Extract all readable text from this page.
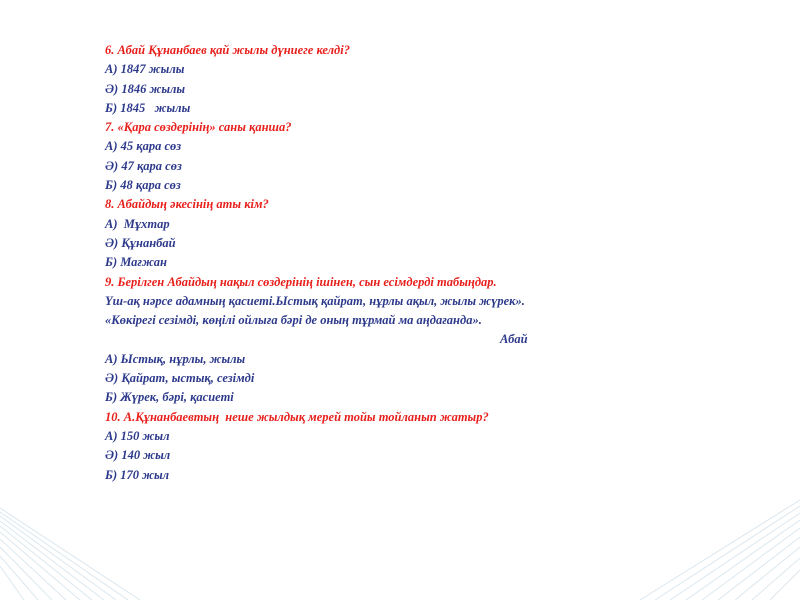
6. Абай Құнанбаев қай жылы дүниеге келді?
А) 1847 жылы
Ә) 1846 жылы
Б) 1845   жылы
7. «Қара сөздерінің» саны қанша?
А) 45 қара сөз
Ә) 47 қара сөз
Б) 48 қара сөз
8. Абайдың әкесінің аты кім?
А)  Мұхтар
Ә) Құнанбай
Б) Мағжан
9. Берілген Абайдың нақыл сөздерінің ішінен, сын есімдерді табыңдар.
Үш-ақ нәрсе адамның қасиеті.Ыстық қайрат, нұрлы ақыл, жылы жүрек».
«Көкірегі сезімді, көңілі ойлыға бәрі де оның тұрмай ма аңдағанда».
Абай
А) Ыстық, нұрлы, жылы
Ә) Қайрат, ыстық, сезімді
Б) Жүрек, бәрі, қасиеті
10. А.Құнанбаевтың  неше жылдық мерей тойы тойланып жатыр?
А) 150 жыл
Ә) 140 жыл
Б) 170 жыл
